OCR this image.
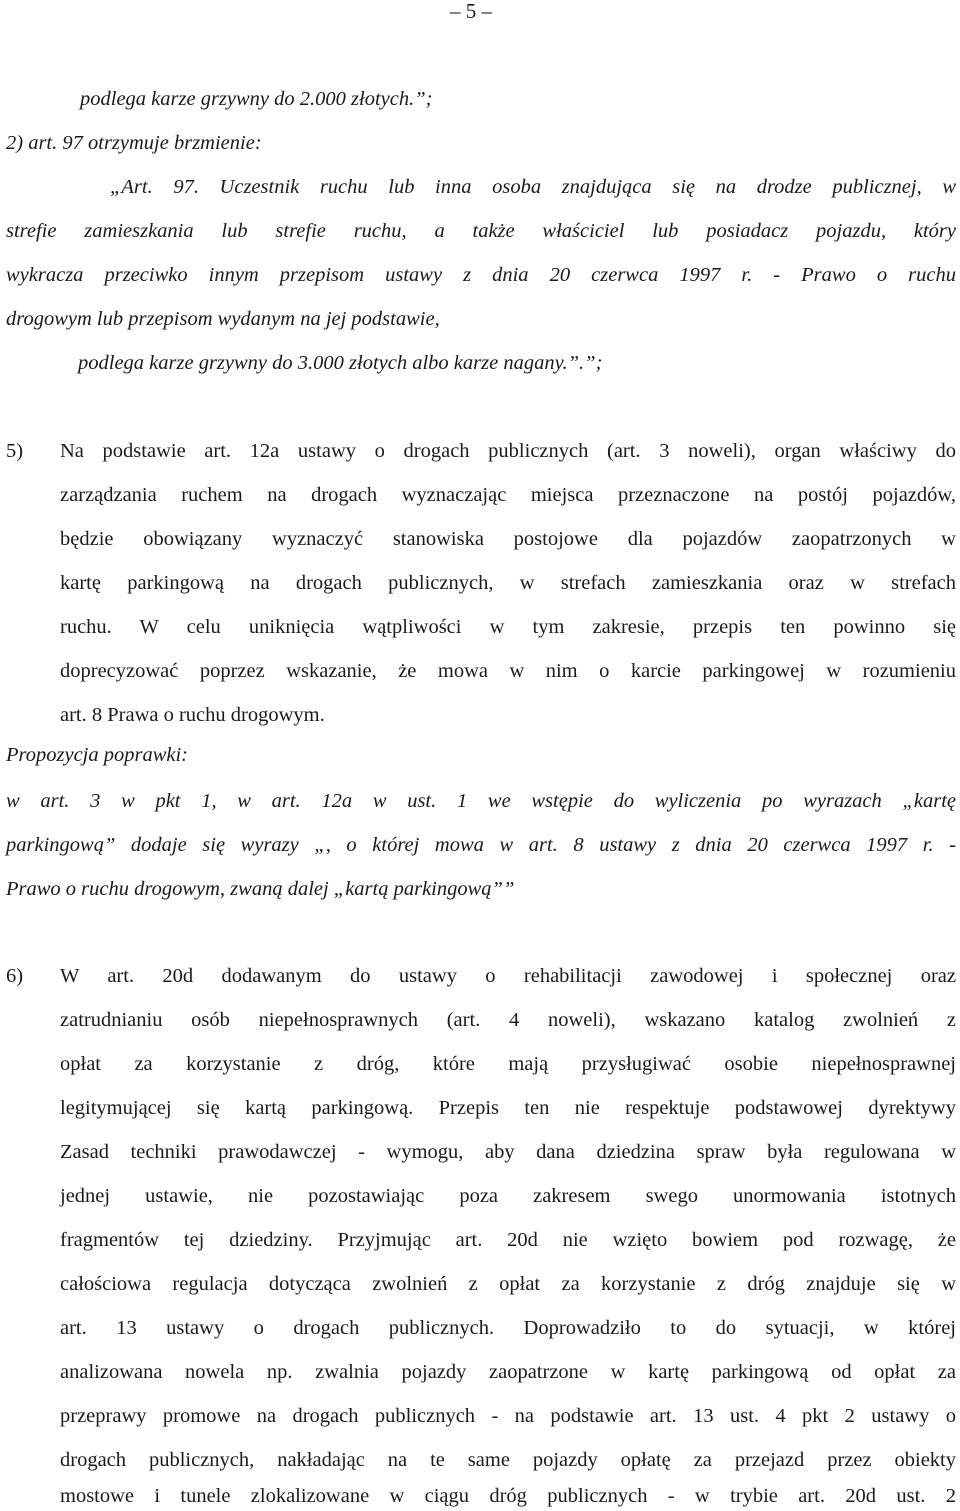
– 5 –
podlega karze grzywny do 2.000 złotych.”;
2) art. 97 otrzymuje brzmienie:
„Art. 97. Uczestnik ruchu lub inna osoba znajdująca się na drodze publicznej, w
strefie zamieszkania lub strefie ruchu, a także właściciel lub posiadacz pojazdu, który
wykracza przeciwko innym przepisom ustawy z dnia 20 czerwca 1997 r. - Prawo o ruchu
drogowym lub przepisom wydanym na jej podstawie,
podlega karze grzywny do 3.000 złotych albo karze nagany.”.”;
5) Na podstawie art. 12a ustawy o drogach publicznych (art. 3 noweli), organ właściwy do
zarządzania ruchem na drogach wyznaczając miejsca przeznaczone na postój pojazdów,
będzie obowiązany wyznaczyć stanowiska postojowe dla pojazdów zaopatrzonych w
kartę parkingową na drogach publicznych, w strefach zamieszkania oraz w strefach
ruchu. W celu uniknięcia wątpliwości w tym zakresie, przepis ten powinno się
doprecyzować poprzez wskazanie, że mowa w nim o karcie parkingowej w rozumieniu
art. 8 Prawa o ruchu drogowym.
Propozycja poprawki:
w art. 3 w pkt 1, w art. 12a w ust. 1 we wstępie do wyliczenia po wyrazach „kartę
parkingową” dodaje się wyrazy „, o której mowa w art. 8 ustawy z dnia 20 czerwca 1997 r. -
Prawo o ruchu drogowym, zwaną dalej „kartą parkingową””
6) W art. 20d dodawanym do ustawy o rehabilitacji zawodowej i społecznej oraz
zatrudnianiu osób niepełnosprawnych (art. 4 noweli), wskazano katalog zwolnień z
opłat za korzystanie z dróg, które mają przysługiwać osobie niepełnosprawnej
legitymującej się kartą parkingową. Przepis ten nie respektuje podstawowej dyrektywy
Zasad techniki prawodawczej - wymogu, aby dana dziedzina spraw była regulowana w
jednej ustawie, nie pozostawiając poza zakresem swego unormowania istotnych
fragmentów tej dziedziny. Przyjmując art. 20d nie wzięto bowiem pod rozwagę, że
całościowa regulacja dotycząca zwolnień z opłat za korzystanie z dróg znajduje się w
art. 13 ustawy o drogach publicznych. Doprowadziło to do sytuacji, w której
analizowana nowela np. zwalnia pojazdy zaopatrzone w kartę parkingową od opłat za
przeprawy promowe na drogach publicznych - na podstawie art. 13 ust. 4 pkt 2 ustawy o
drogach publicznych, nakładając na te same pojazdy opłatę za przejazd przez obiekty
mostowe i tunele zlokalizowane w ciągu dróg publicznych - w trybie art. 20d ust. 2
